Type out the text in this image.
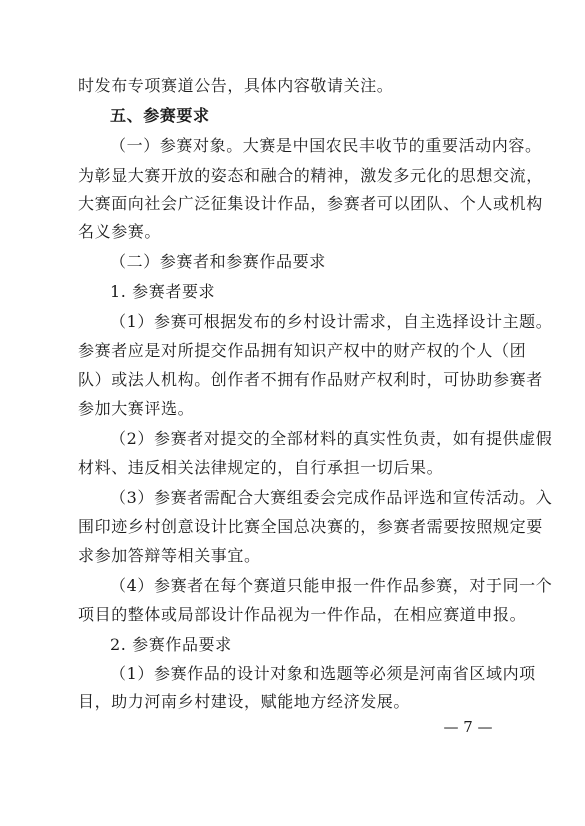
时发布专项赛道公告，具体内容敬请关注。
五、参赛要求
（一）参赛对象。大赛是中国农民丰收节的重要活动内容。
为彰显大赛开放的姿态和融合的精神，激发多元化的思想交流，
大赛面向社会广泛征集设计作品，参赛者可以团队、个人或机构
名义参赛。
（二）参赛者和参赛作品要求
1. 参赛者要求
（1）参赛可根据发布的乡村设计需求，自主选择设计主题。
参赛者应是对所提交作品拥有知识产权中的财产权的个人（团
队）或法人机构。创作者不拥有作品财产权利时，可协助参赛者
参加大赛评选。
（2）参赛者对提交的全部材料的真实性负责，如有提供虚假
材料、违反相关法律规定的，自行承担一切后果。
（3）参赛者需配合大赛组委会完成作品评选和宣传活动。入
围印迹乡村创意设计比赛全国总决赛的，参赛者需要按照规定要
求参加答辩等相关事宜。
（4）参赛者在每个赛道只能申报一件作品参赛，对于同一个
项目的整体或局部设计作品视为一件作品，在相应赛道申报。
2. 参赛作品要求
（1）参赛作品的设计对象和选题等必须是河南省区域内项
目，助力河南乡村建设，赋能地方经济发展。
— 7 —
